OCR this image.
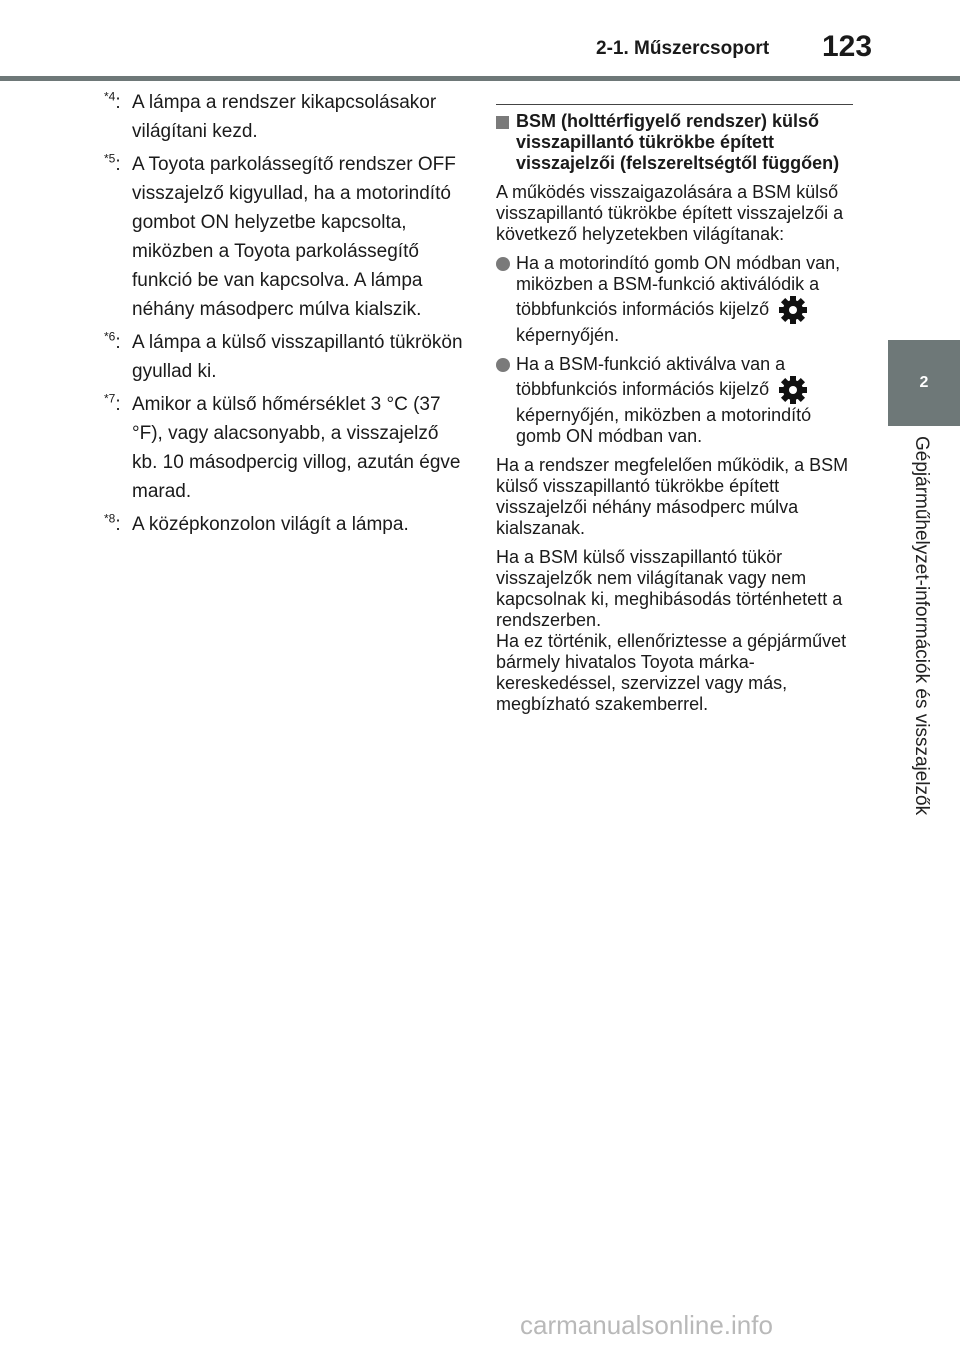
2-1. Műszercsoport 123
2
Gépjárműhelyzet-információk és visszajelzők
$^{*4}$: A lámpa a rendszer kikapcsolásakor világítani kezd.
$^{*5}$: A Toyota parkolássegítő rendszer OFF visszajelző kigyullad, ha a motorindító gombot ON helyzetbe kapcsolta, miközben a Toyota parkolássegítő funkció be van kapcsolva. A lámpa néhány másodperc múlva kialszik.
$^{*6}$: A lámpa a külső visszapillantó tükrökön gyullad ki.
$^{*7}$: Amikor a külső hőmérséklet 3 °C (37 °F), vagy alacsonyabb, a visszajelző kb. 10 másodpercig villog, azután égve marad.
$^{*8}$: A középkonzolon világít a lámpa.
BSM (holttérfigyelő rendszer) külső visszapillantó tükrökbe épített visszajelzői (felszereltségtől függően)
A működés visszaigazolására a BSM külső visszapillantó tükrökbe épített visszajelzői a következő helyzetekben világítanak:
Ha a motorindító gomb ON módban van, miközben a BSM-funkció aktiválódik a többfunkciós információs kijelző  képernyőjén.
Ha a BSM-funkció aktiválva van a többfunkciós információs kijelző  képernyőjén, miközben a motorindító gomb ON módban van.
Ha a rendszer megfelelően működik, a BSM külső visszapillantó tükrökbe épített visszajelzői néhány másodperc múlva kialszanak.
Ha a BSM külső visszapillantó tükör visszajelzők nem világítanak vagy nem kapcsolnak ki, meghibásodás történhetett a rendszerben.
Ha ez történik, ellenőriztesse a gépjárművet bármely hivatalos Toyota márkakereskedéssel, szervizzel vagy más, megbízható szakemberrel.
carmanualsonline.info
